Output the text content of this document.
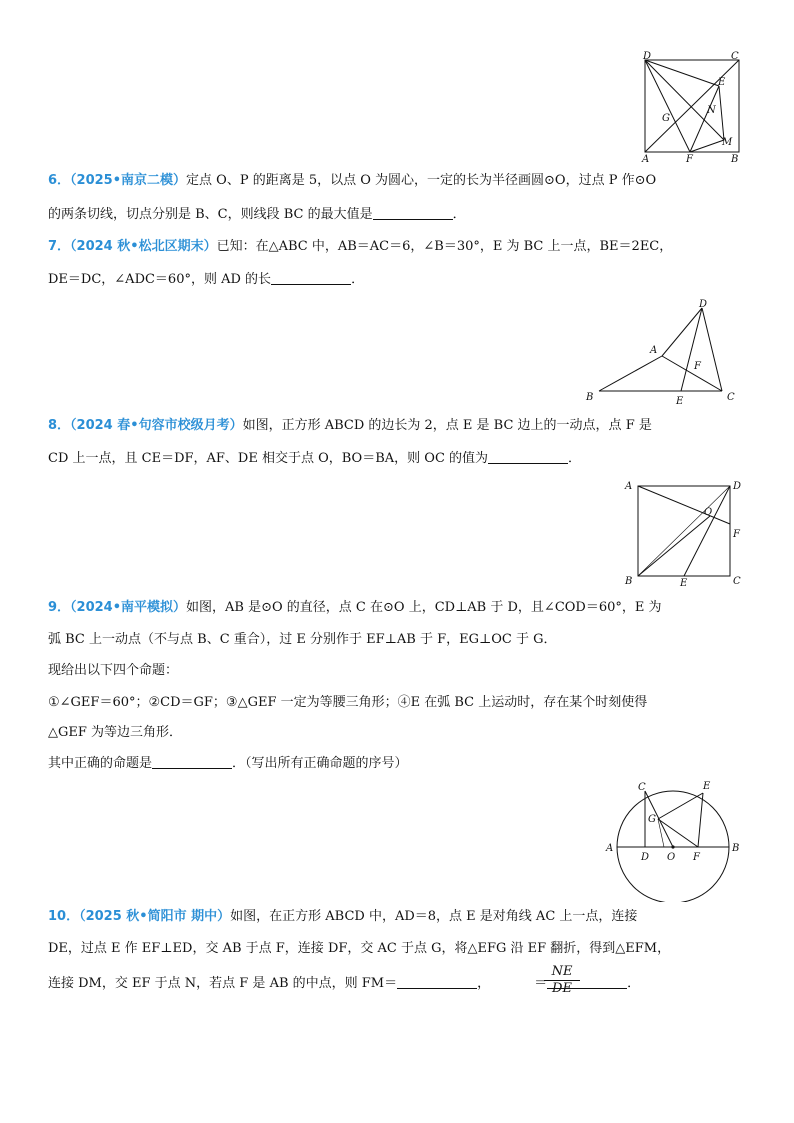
D	C
E
N
G
M
A	F	B
6．（2025•南京二模）定点 O、P 的距离是 5，以点 O 为圆心，一定的长为半径画圆⊙O，过点 P 作⊙O
的两条切线，切点分别是 B、C，则线段 BC 的最大值是	．
7．（2024 秋•松北区期末）已知：在△ABC 中，AB＝AC＝6，∠B＝30°，E 为 BC 上一点，BE＝2EC，
DE＝DC，∠ADC＝60°，则 AD 的长	．
D
A
F
B	E	C
8．（2024 春•句容市校级月考）如图，正方形 ABCD 的边长为 2，点 E 是 BC 边上的一动点，点 F 是
CD 上一点，且 CE＝DF，AF、DE 相交于点 O，BO＝BA，则 OC 的值为	．
A	D
O
F
B	E	C
9．（2024•南平模拟）如图，AB 是⊙O 的直径，点 C 在⊙O 上，CD⊥AB 于 D，且∠COD＝60°，E 为
弧 BC 上一动点（不与点 B、C 重合），过 E 分别作于 EF⊥AB 于 F，EG⊥OC 于 G．
现给出以下四个命题：
①∠GEF＝60°；②CD＝GF；③△GEF 一定为等腰三角形；④E 在弧 BC 上运动时，存在某个时刻使得
△GEF 为等边三角形．
其中正确的命题是	．（写出所有正确命题的序号）
C	E
G
A
D O F
B
10．（2025 秋•简阳市 期中）如图，在正方形 ABCD 中，AD＝8，点 E 是对角线 AC 上一点，连接
DE，过点 E 作 EF⊥ED，交 AB 于点 F，连接 DF，交 AC 于点 G，将△EFG 沿 EF 翻折，得到△EFM，
连接 DM，交 EF 于点 N，若点 F 是 AB 的中点，则 FM＝	，	＝	．
$\frac{NE}{DE}$
